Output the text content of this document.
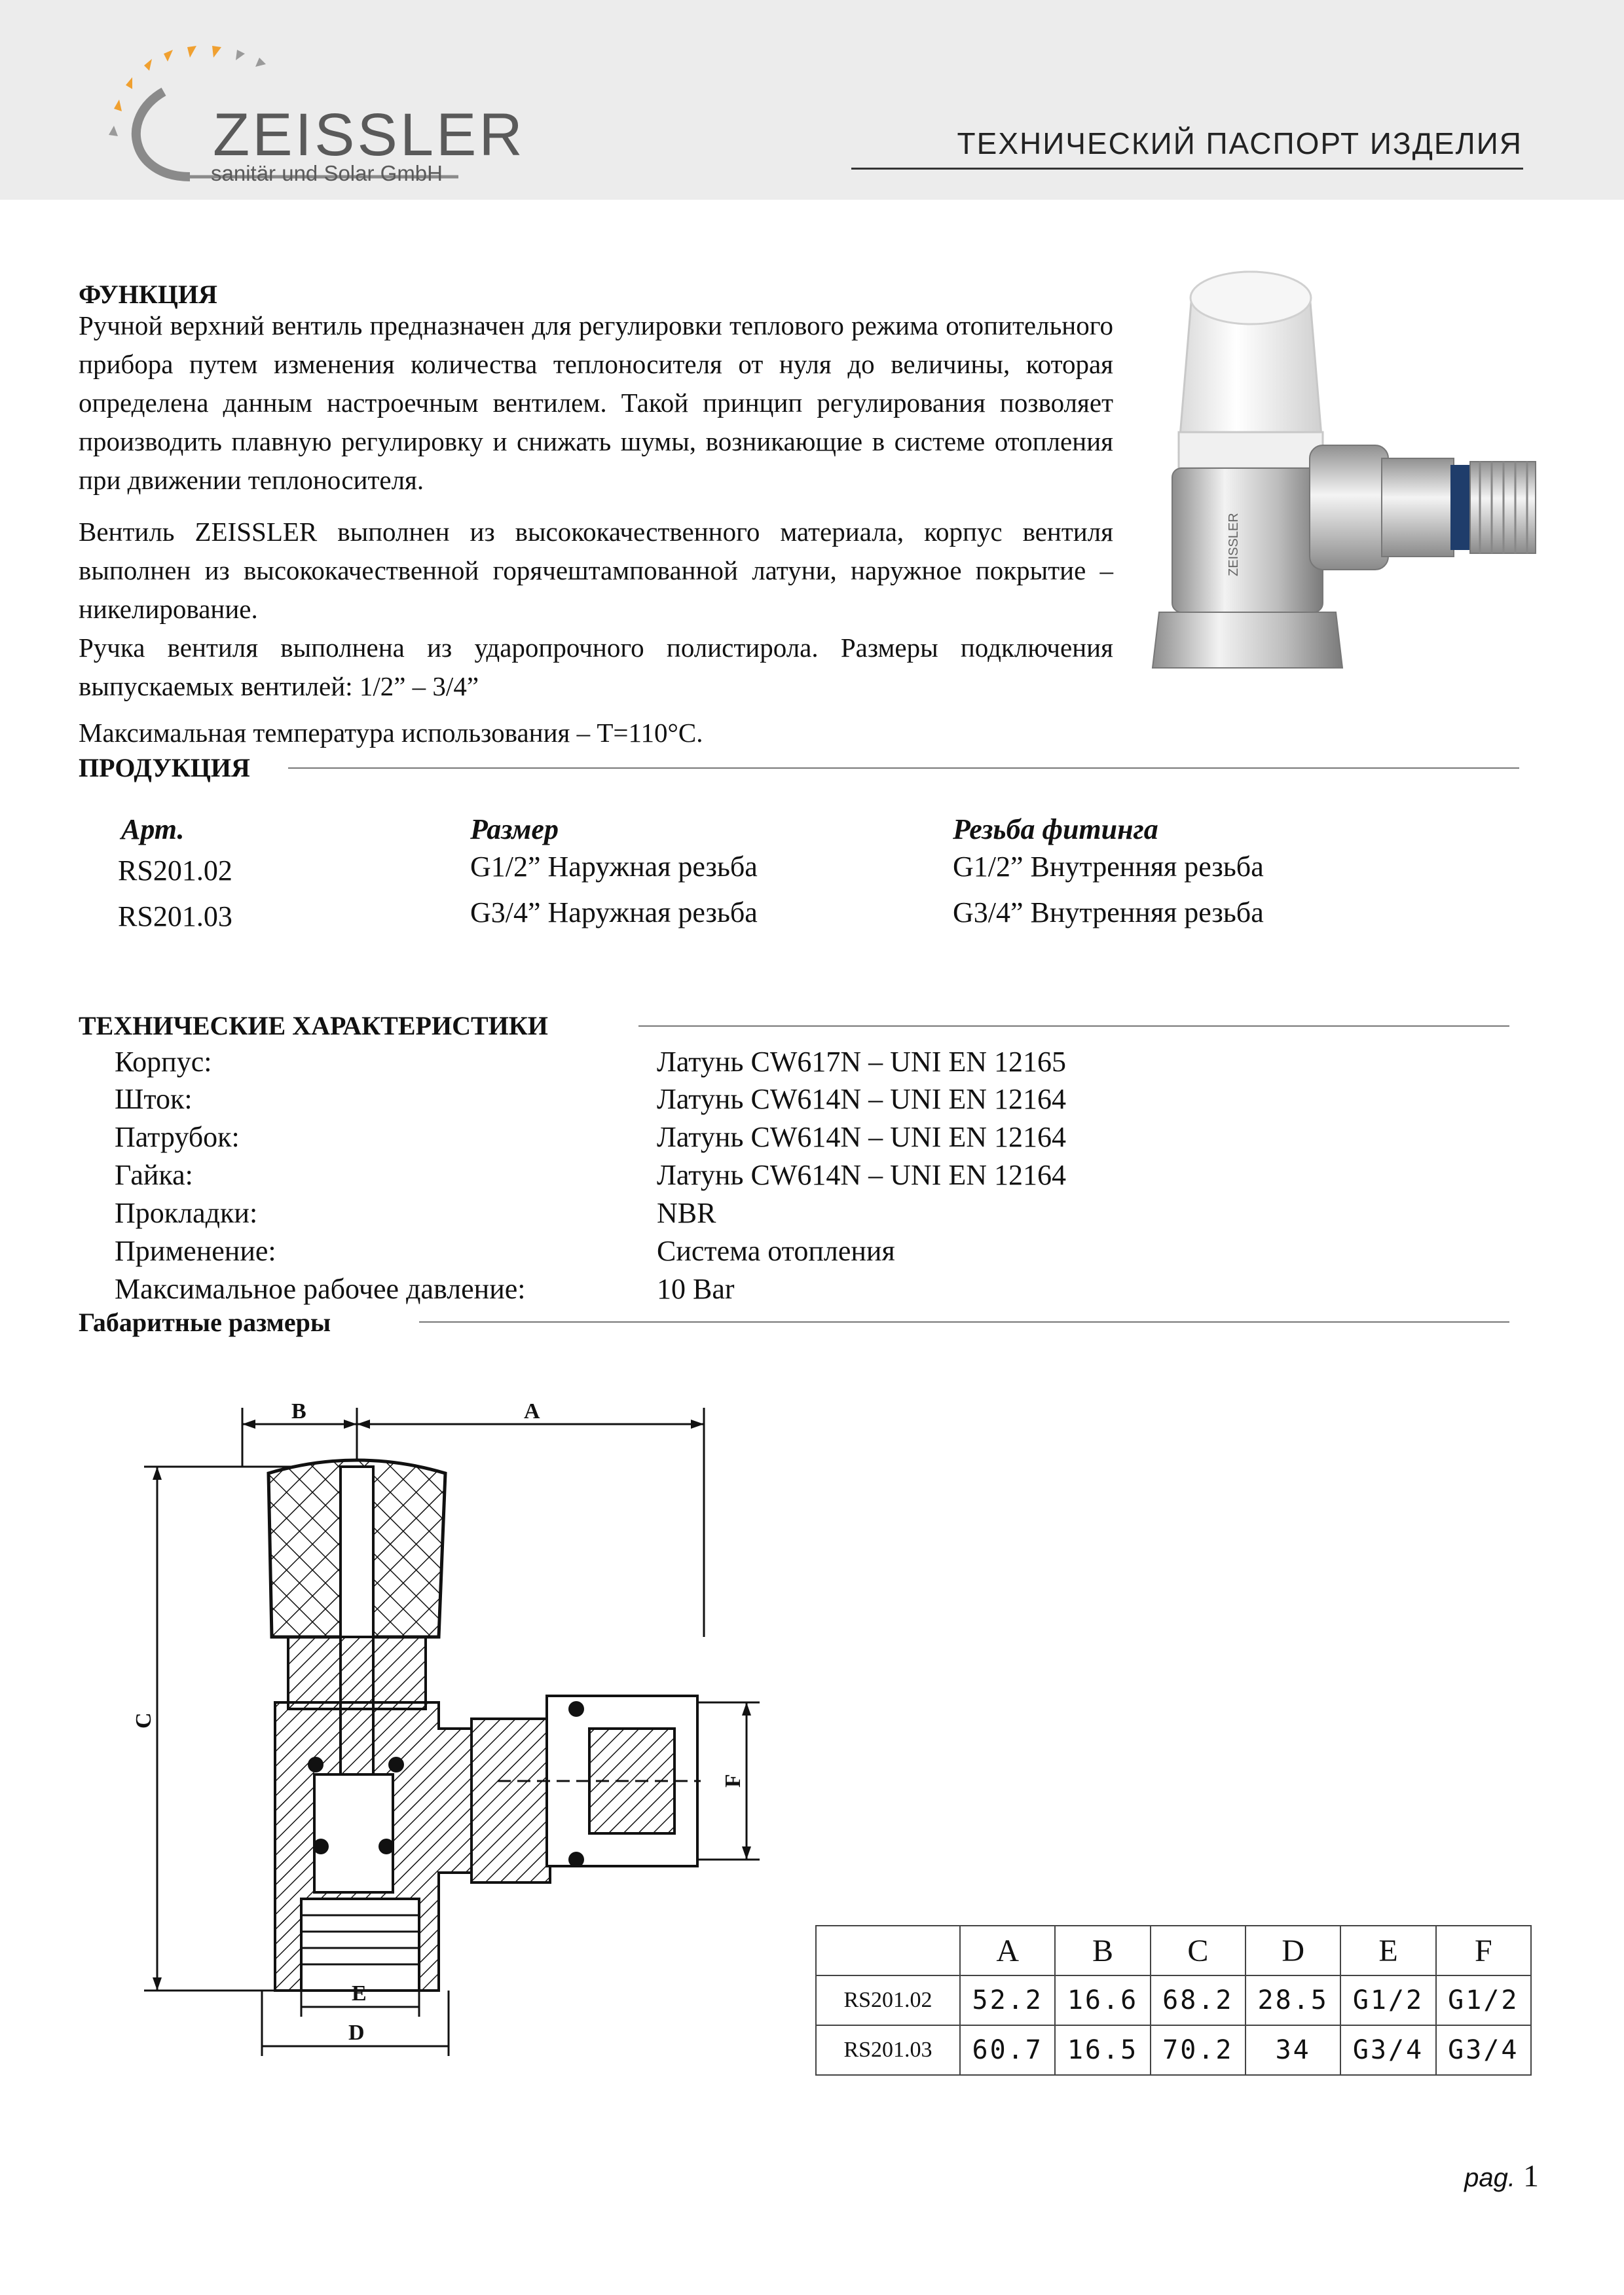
ZEISSLER
sanitär und Solar GmbH
ТЕХНИЧЕСКИЙ ПАСПОРТ ИЗДЕЛИЯ
ФУНКЦИЯ

Ручной верхний вентиль предназначен для регулировки теплового режима отопительного прибора путем изменения количества теплоносителя от нуля до величины, которая определена данным настроечным вентилем. Такой принцип регулирования позволяет производить плавную регулировку и снижать шумы, возникающие в системе отопления при движении теплоносителя.

Вентиль ZEISSLER выполнен из высококачественного материала, корпус вентиля выполнен из высококачественной горячештампованной латуни, наружное покрытие – никелирование.

Ручка вентиля выполнена из ударопрочного полистирола. Размеры подключения выпускаемых вентилей: 1/2” – 3/4”

Максимальная температура использования – T=110°C.

ZEISSLER
ПРОДУКЦИЯ
Арт.	Размер	Резьба фитинга
RS201.02	G1/2” Наружная резьба	G1/2” Внутренняя резьба
RS201.03	G3/4” Наружная резьба	G3/4” Внутренняя резьба
ТЕХНИЧЕСКИЕ ХАРАКТЕРИСТИКИ
Корпус:	Латунь CW617N – UNI EN 12165
Шток:	Латунь CW614N – UNI EN 12164
Патрубок:	Латунь CW614N – UNI EN 12164
Гайка:	Латунь CW614N – UNI EN 12164
Прокладки:	NBR
Применение:	Система отопления
Максимальное рабочее давление:	10 Bar
Габаритные размеры
B	A
C
F
E
D
	A	B	C	D	E	F
RS201.02	52.2	16.6	68.2	28.5	G1/2	G1/2
RS201.03	60.7	16.5	70.2	34	G3/4	G3/4
pag. 1
